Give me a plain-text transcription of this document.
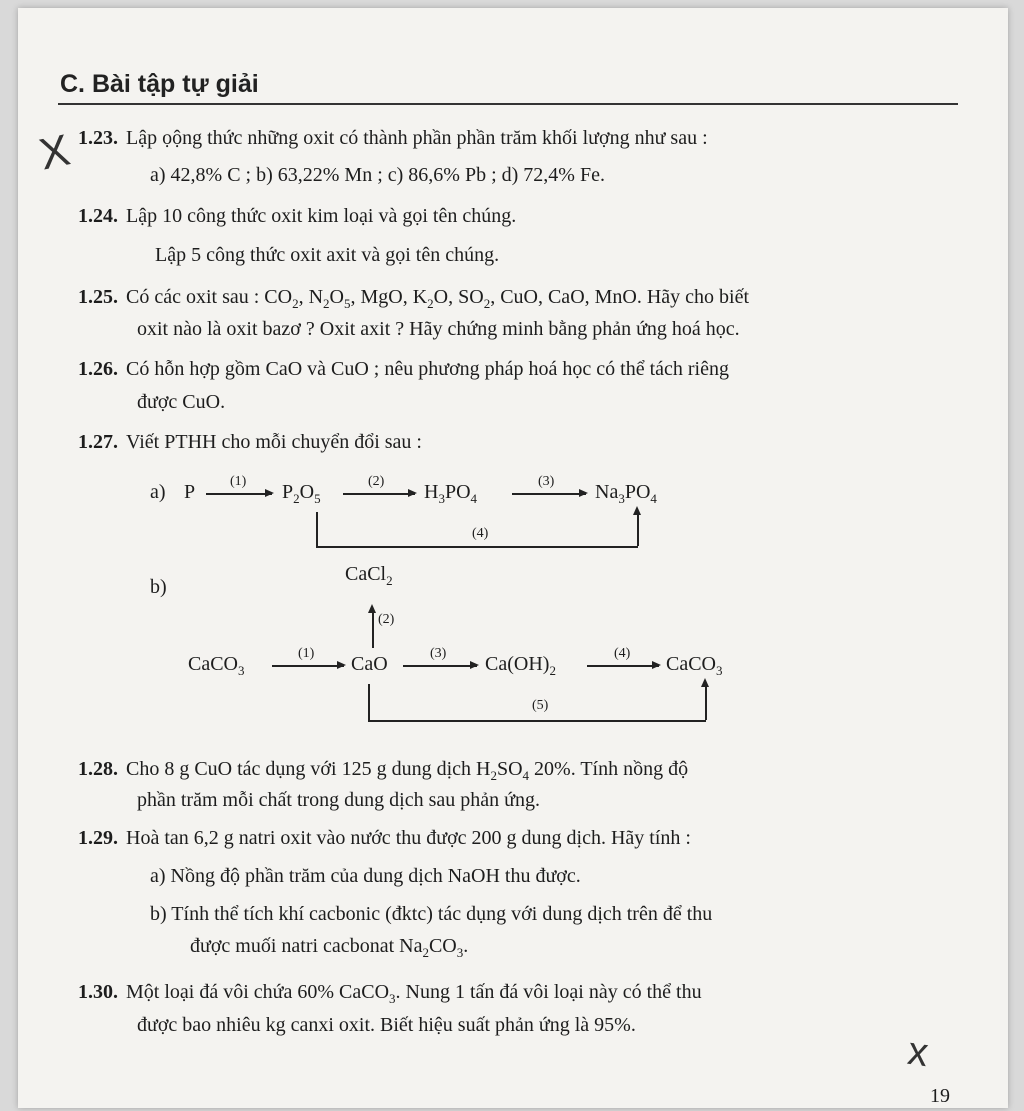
C. Bài tập tự giải
X 1.23. Lập ọộng thức những oxit có thành phần phần trăm khối lượng như sau :
a) 42,8% C ; b) 63,22% Mn ; c) 86,6% Pb ; d) 72,4% Fe.
1.24. Lập 10 công thức oxit kim loại và gọi tên chúng.
Lập 5 công thức oxit axit và gọi tên chúng.
1.25. Có các oxit sau : $CO_2$, $N_2O_5$, MgO, $K_2O$, $SO_2$, CuO, CaO, MnO. Hãy cho biết
oxit nào là oxit bazơ ? Oxit axit ? Hãy chứng minh bằng phản ứng hoá học.
1.26. Có hỗn hợp gồm CaO và CuO ; nêu phương pháp hoá học có thể tách riêng
được CuO.
1.27. Viết PTHH cho mỗi chuyển đổi sau :
a) P (1) $P_2O_5$
(2) $H_3PO_4$
(3) $Na_3PO_4$
(4)
b)
CaCl$_2$
(2)
CaCO$_3$
(1) CaO	(3) $Ca(OH)_2$
(4) CaCO$_3$
(5)
1.28. Cho 8 g CuO tác dụng với 125 g dung dịch $H_2SO_4$ 20%. Tính nồng độ
phần trăm mỗi chất trong dung dịch sau phản ứng.
1.29. Hoà tan 6,2 g natri oxit vào nước thu được 200 g dung dịch. Hãy tính :
a) Nồng độ phần trăm của dung dịch NaOH thu được.
b) Tính thể tích khí cacbonic (đktc) tác dụng với dung dịch trên để thu
được muối natri cacbonat $Na_2CO_3$.
1.30. Một loại đá vôi chứa 60% CaCO$_3$. Nung 1 tấn đá vôi loại này có thể thu
được bao nhiêu kg canxi oxit. Biết hiệu suất phản ứng là 95%.
x
19
